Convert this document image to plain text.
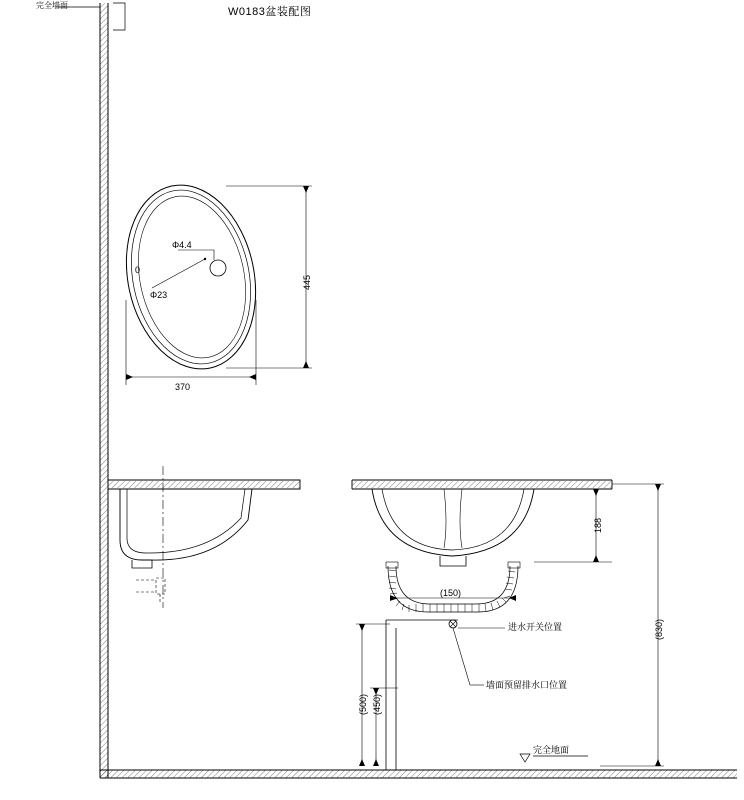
完全墙面
W0183盆装配图
Φ4.4
0
Φ23
370
445
188
(150)
(830)
(500) (450)
进水开关位置
墙面预留排水口位置
完全地面
